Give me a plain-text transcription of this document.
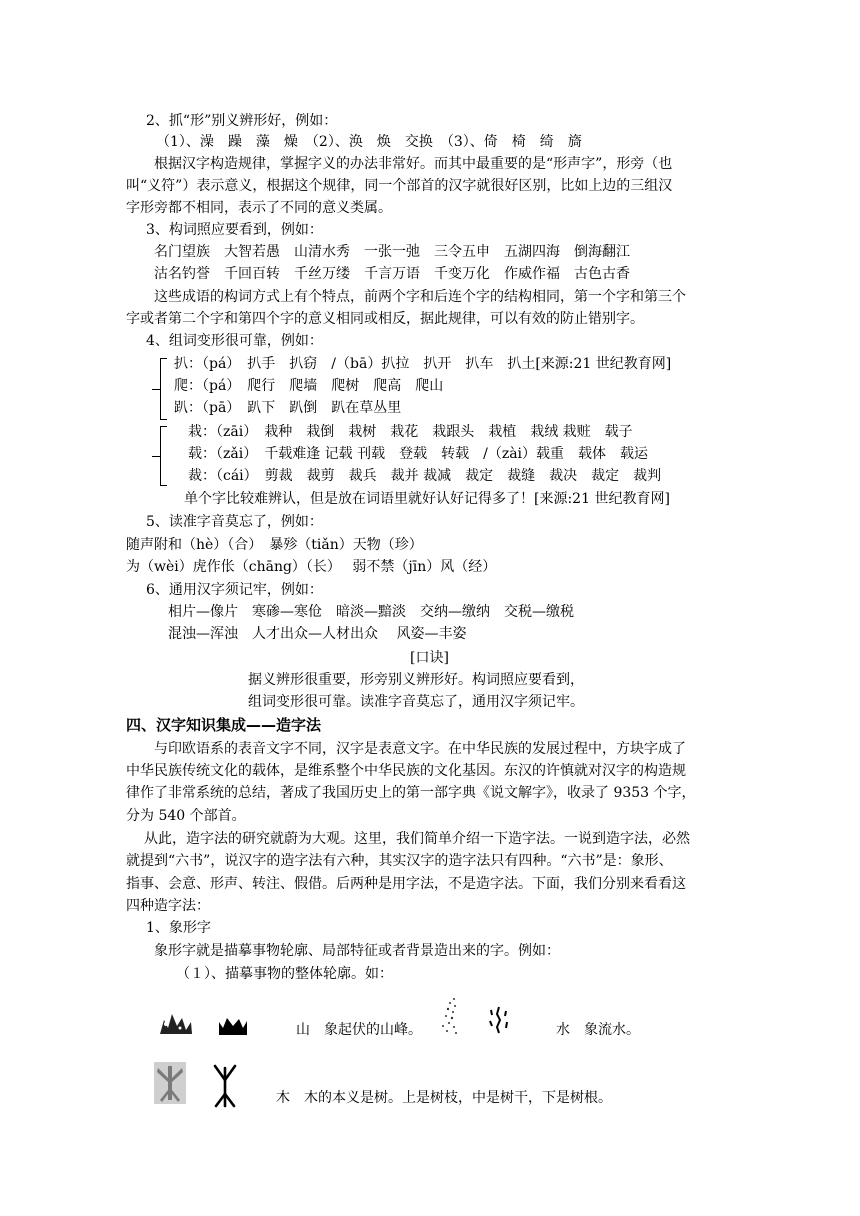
2、抓“形”别义辨形好，例如：
（1）、澡　躁　藻　燥　（2）、涣　焕　交换　（3）、倚　椅　绮　旖
根据汉字构造规律，掌握字义的办法非常好。而其中最重要的是“形声字”，形旁（也
叫“义符”）表示意义，根据这个规律，同一个部首的汉字就很好区别，比如上边的三组汉
字形旁都不相同，表示了不同的意义类属。
3、构词照应要看到，例如：
名门望族　大智若愚　山清水秀　一张一弛　三令五申　五湖四海　倒海翻江
沽名钓誉　千回百转　千丝万缕　千言万语　千变万化　作威作福　古色古香
这些成语的构词方式上有个特点，前两个字和后连个字的结构相同，第一个字和第三个
字或者第二个字和第四个字的意义相同或相反，据此规律，可以有效的防止错别字。
4、组词变形很可靠，例如：
扒：（pá）　扒手　扒窃　/（bā）扒拉　扒开　扒车　扒土[来源:21 世纪教育网]
爬：（pá）　爬行　爬墙　爬树　爬高　爬山
趴：（pā）　趴下　趴倒　趴在草丛里
栽：（zāi）　栽种　栽倒　栽树　栽花　栽跟头　栽植　栽绒 栽赃　载子
载：（zǎi）　千载难逢 记载 刊载　登载　转载　/（zài）载重　载体　载运
裁：（cái）　剪裁　裁剪　裁兵　裁并 裁减　裁定　裁缝　裁决　裁定　裁判
单个字比较难辨认，但是放在词语里就好认好记得多了！[来源:21 世纪教育网]
5、读准字音莫忘了，例如：
随声附和（hè）（合）　暴殄（tiǎn）天物（珍）
为（wèi）虎作伥（chāng）（长）　 弱不禁（jīn）风（经）
6、通用汉字须记牢，例如：
相片—像片　寒碜—寒伧　暗淡—黯淡　交纳—缴纳　交税—缴税
混浊—浑浊　人才出众—人材出众　 风姿—丰姿
[口诀]
据义辨形很重要，形旁别义辨形好。构词照应要看到，
组词变形很可靠。读准字音莫忘了，通用汉字须记牢。
四、汉字知识集成——造字法
与印欧语系的表音文字不同，汉字是表意文字。在中华民族的发展过程中，方块字成了
中华民族传统文化的载体，是维系整个中华民族的文化基因。东汉的许慎就对汉字的构造规
律作了非常系统的总结，著成了我国历史上的第一部字典《说文解字》，收录了 9353 个字，
分为 540 个部首。
从此，造字法的研究就蔚为大观。这里，我们简单介绍一下造字法。一说到造字法，必然
就提到“六书”，说汉字的造字法有六种，其实汉字的造字法只有四种。“六书”是：象形、
指事、会意、形声、转注、假借。后两种是用字法，不是造字法。下面，我们分别来看看这
四种造字法：
1、象形字
象形字就是描摹事物轮廓、局部特征或者背景造出来的字。例如：
（１）、描摹事物的整体轮廓。如：
山　象起伏的山峰。	水　象流水。
木　木的本义是树。上是树枝，中是树干，下是树根。
